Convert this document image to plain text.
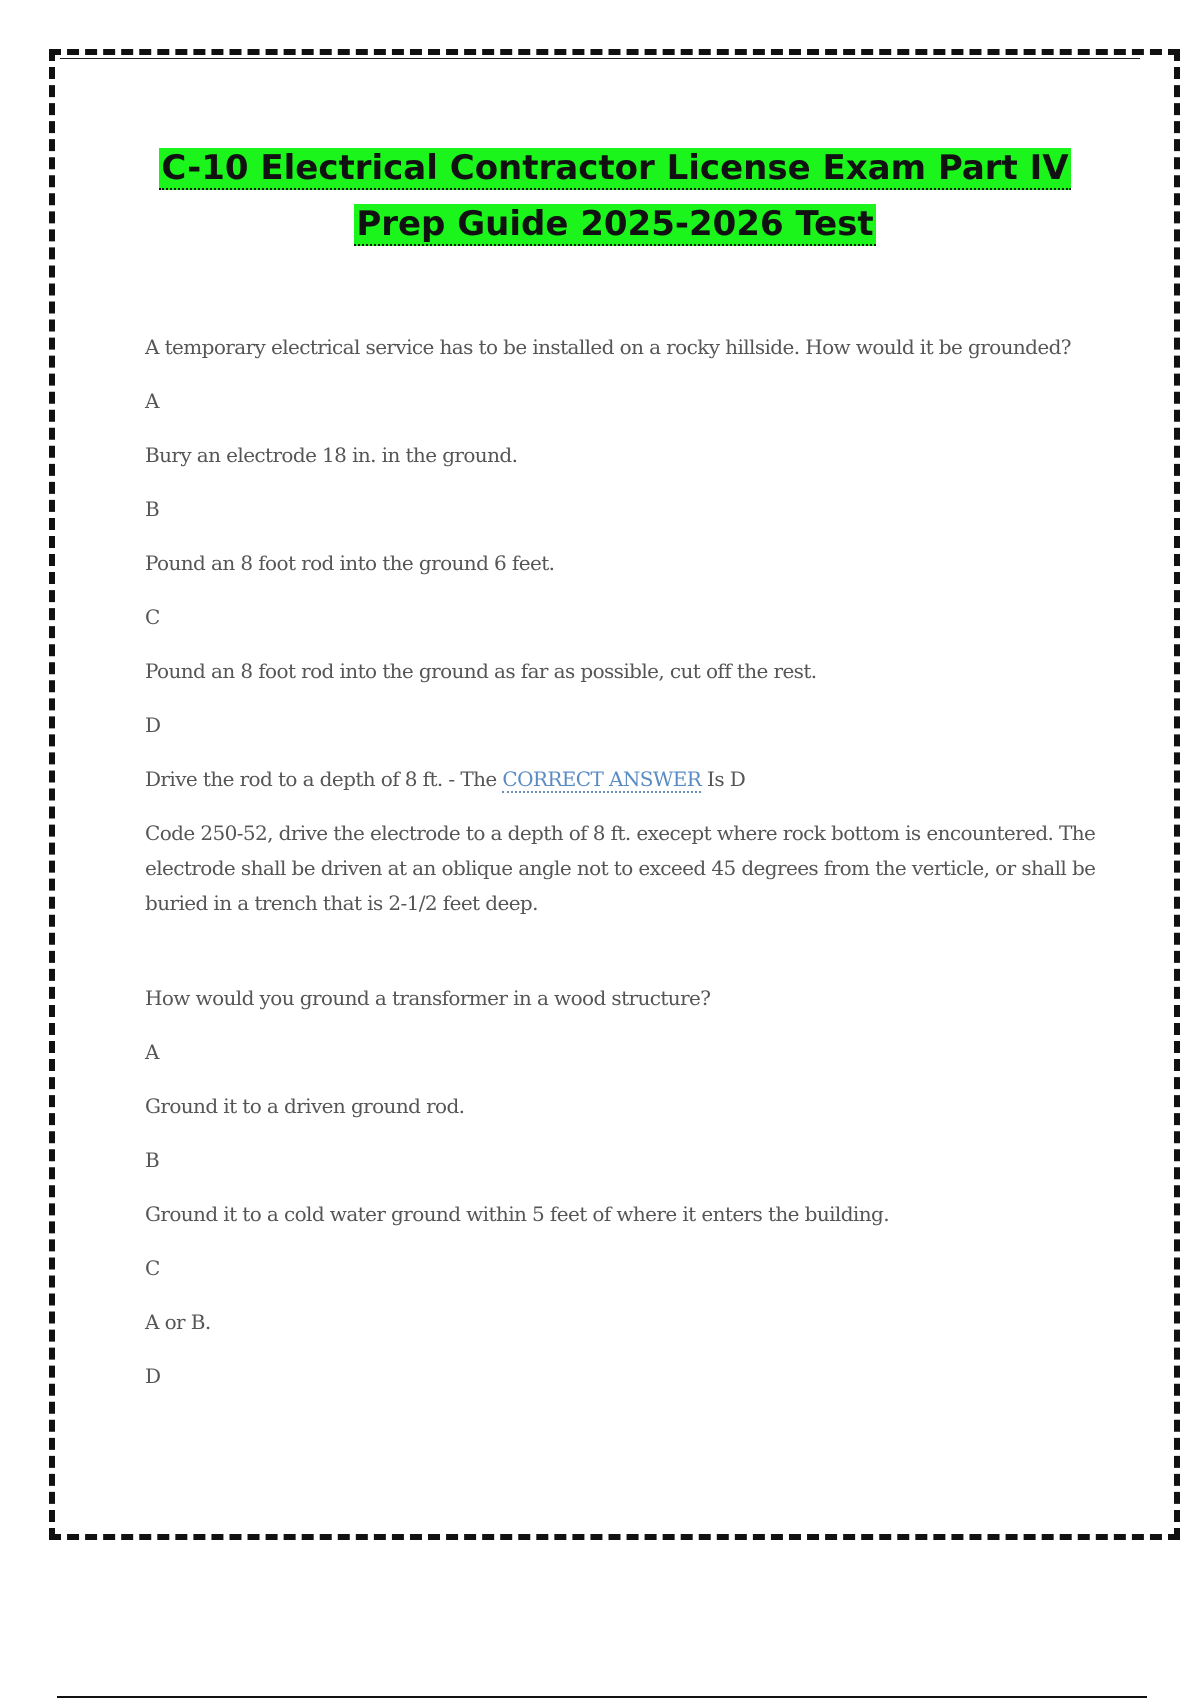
C-10 Electrical Contractor License Exam Part IV
Prep Guide 2025-2026 Test

A temporary electrical service has to be installed on a rocky hillside. How would it be grounded?

A

Bury an electrode 18 in. in the ground.

B

Pound an 8 foot rod into the ground 6 feet.

C

Pound an 8 foot rod into the ground as far as possible, cut off the rest.

D

Drive the rod to a depth of 8 ft. - The CORRECT ANSWER Is D

Code 250-52, drive the electrode to a depth of 8 ft. execept where rock bottom is encountered. The electrode shall be driven at an oblique angle not to exceed 45 degrees from the verticle, or shall be buried in a trench that is 2-1/2 feet deep.

How would you ground a transformer in a wood structure?

A

Ground it to a driven ground rod.

B

Ground it to a cold water ground within 5 feet of where it enters the building.

C

A or B.

D
